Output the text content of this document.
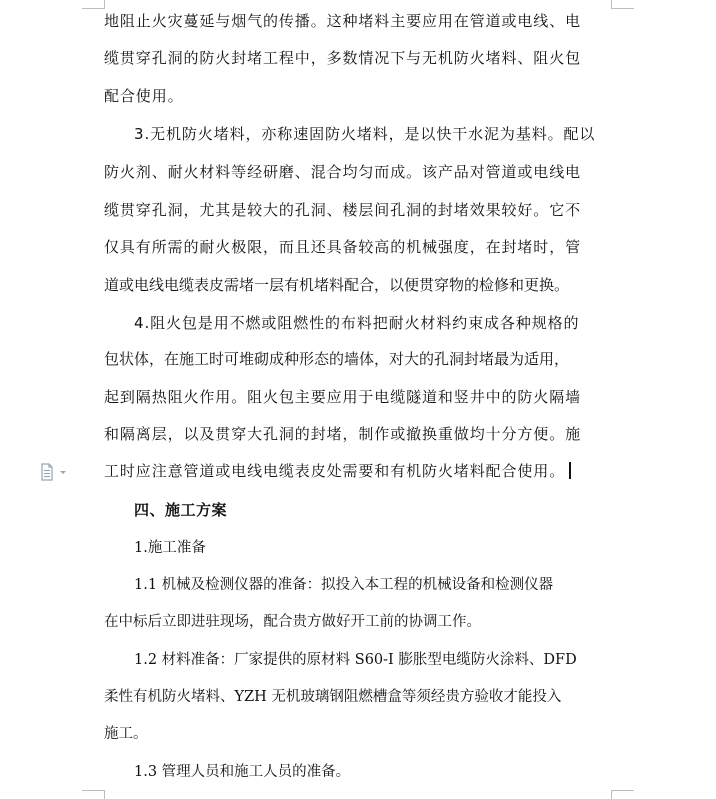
地阻止火灾蔓延与烟气的传播。这种堵料主要应用在管道或电线、电
缆贯穿孔洞的防火封堵工程中，多数情况下与无机防火堵料、阻火包
配合使用。
3.无机防火堵料，亦称速固防火堵料，是以快干水泥为基料。配以
防火剂、耐火材料等经研磨、混合均匀而成。该产品对管道或电线电
缆贯穿孔洞，尤其是较大的孔洞、楼层间孔洞的封堵效果较好。它不
仅具有所需的耐火极限，而且还具备较高的机械强度，在封堵时，管
道或电线电缆表皮需堵一层有机堵料配合，以便贯穿物的检修和更换。
4.阻火包是用不燃或阻燃性的布料把耐火材料约束成各种规格的
包状体，在施工时可堆砌成种形态的墙体，对大的孔洞封堵最为适用，
起到隔热阻火作用。阻火包主要应用于电缆隧道和竖井中的防火隔墙
和隔离层，以及贯穿大孔洞的封堵，制作或撤换重做均十分方便。施
工时应注意管道或电线电缆表皮处需要和有机防火堵料配合使用。
四、施工方案
1.施工准备
1.1 机械及检测仪器的准备：拟投入本工程的机械设备和检测仪器
在中标后立即进驻现场，配合贵方做好开工前的协调工作。
1.2 材料准备：厂家提供的原材料 S60-I 膨胀型电缆防火涂料、DFD
柔性有机防火堵料、YZH 无机玻璃钢阻燃槽盒等须经贵方验收才能投入
施工。
1.3 管理人员和施工人员的准备。
